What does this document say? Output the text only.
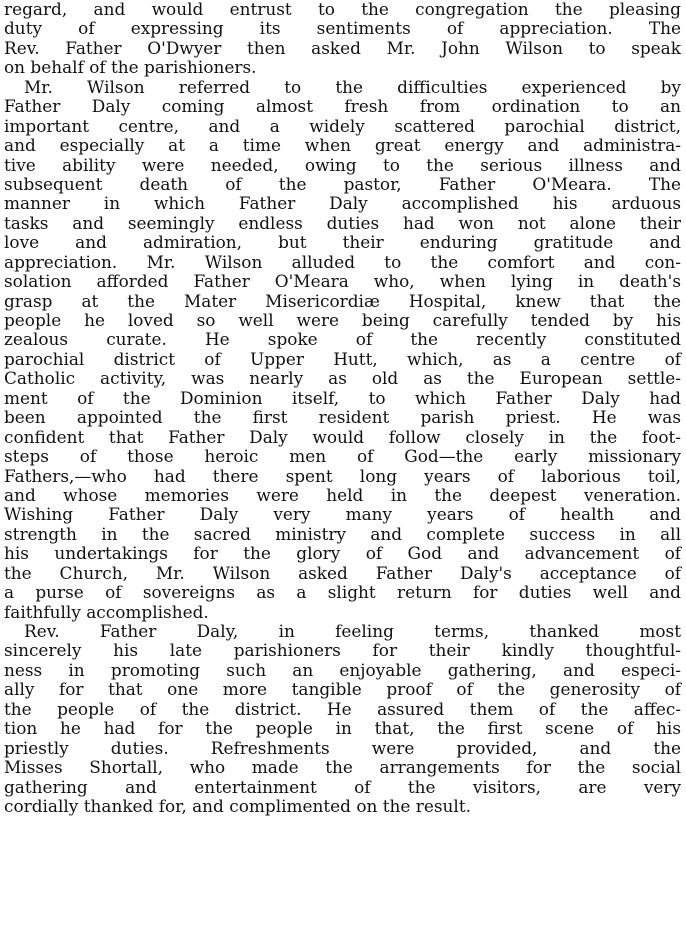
regard, and would entrust to the congregation the pleasing
duty of expressing its sentiments of appreciation. The
Rev. Father O'Dwyer then asked Mr. John Wilson to speak
on behalf of the parishioners.
Mr. Wilson referred to the difficulties experienced by
Father Daly coming almost fresh from ordination to an
important centre, and a widely scattered parochial district,
and especially at a time when great energy and administra-
tive ability were needed, owing to the serious illness and
subsequent death of the pastor, Father O'Meara. The
manner in which Father Daly accomplished his arduous
tasks and seemingly endless duties had won not alone their
love and admiration, but their enduring gratitude and
appreciation. Mr. Wilson alluded to the comfort and con-
solation afforded Father O'Meara who, when lying in death's
grasp at the Mater Misericordiæ Hospital, knew that the
people he loved so well were being carefully tended by his
zealous curate. He spoke of the recently constituted
parochial district of Upper Hutt, which, as a centre of
Catholic activity, was nearly as old as the European settle-
ment of the Dominion itself, to which Father Daly had
been appointed the first resident parish priest. He was
confident that Father Daly would follow closely in the foot-
steps of those heroic men of God—the early missionary
Fathers,—who had there spent long years of laborious toil,
and whose memories were held in the deepest veneration.
Wishing Father Daly very many years of health and
strength in the sacred ministry and complete success in all
his undertakings for the glory of God and advancement of
the Church, Mr. Wilson asked Father Daly's acceptance of
a purse of sovereigns as a slight return for duties well and
faithfully accomplished.
Rev. Father Daly, in feeling terms, thanked most
sincerely his late parishioners for their kindly thoughtful-
ness in promoting such an enjoyable gathering, and especi-
ally for that one more tangible proof of the generosity of
the people of the district. He assured them of the affec-
tion he had for the people in that, the first scene of his
priestly duties. Refreshments were provided, and the
Misses Shortall, who made the arrangements for the social
gathering and entertainment of the visitors, are very
cordially thanked for, and complimented on the result.
